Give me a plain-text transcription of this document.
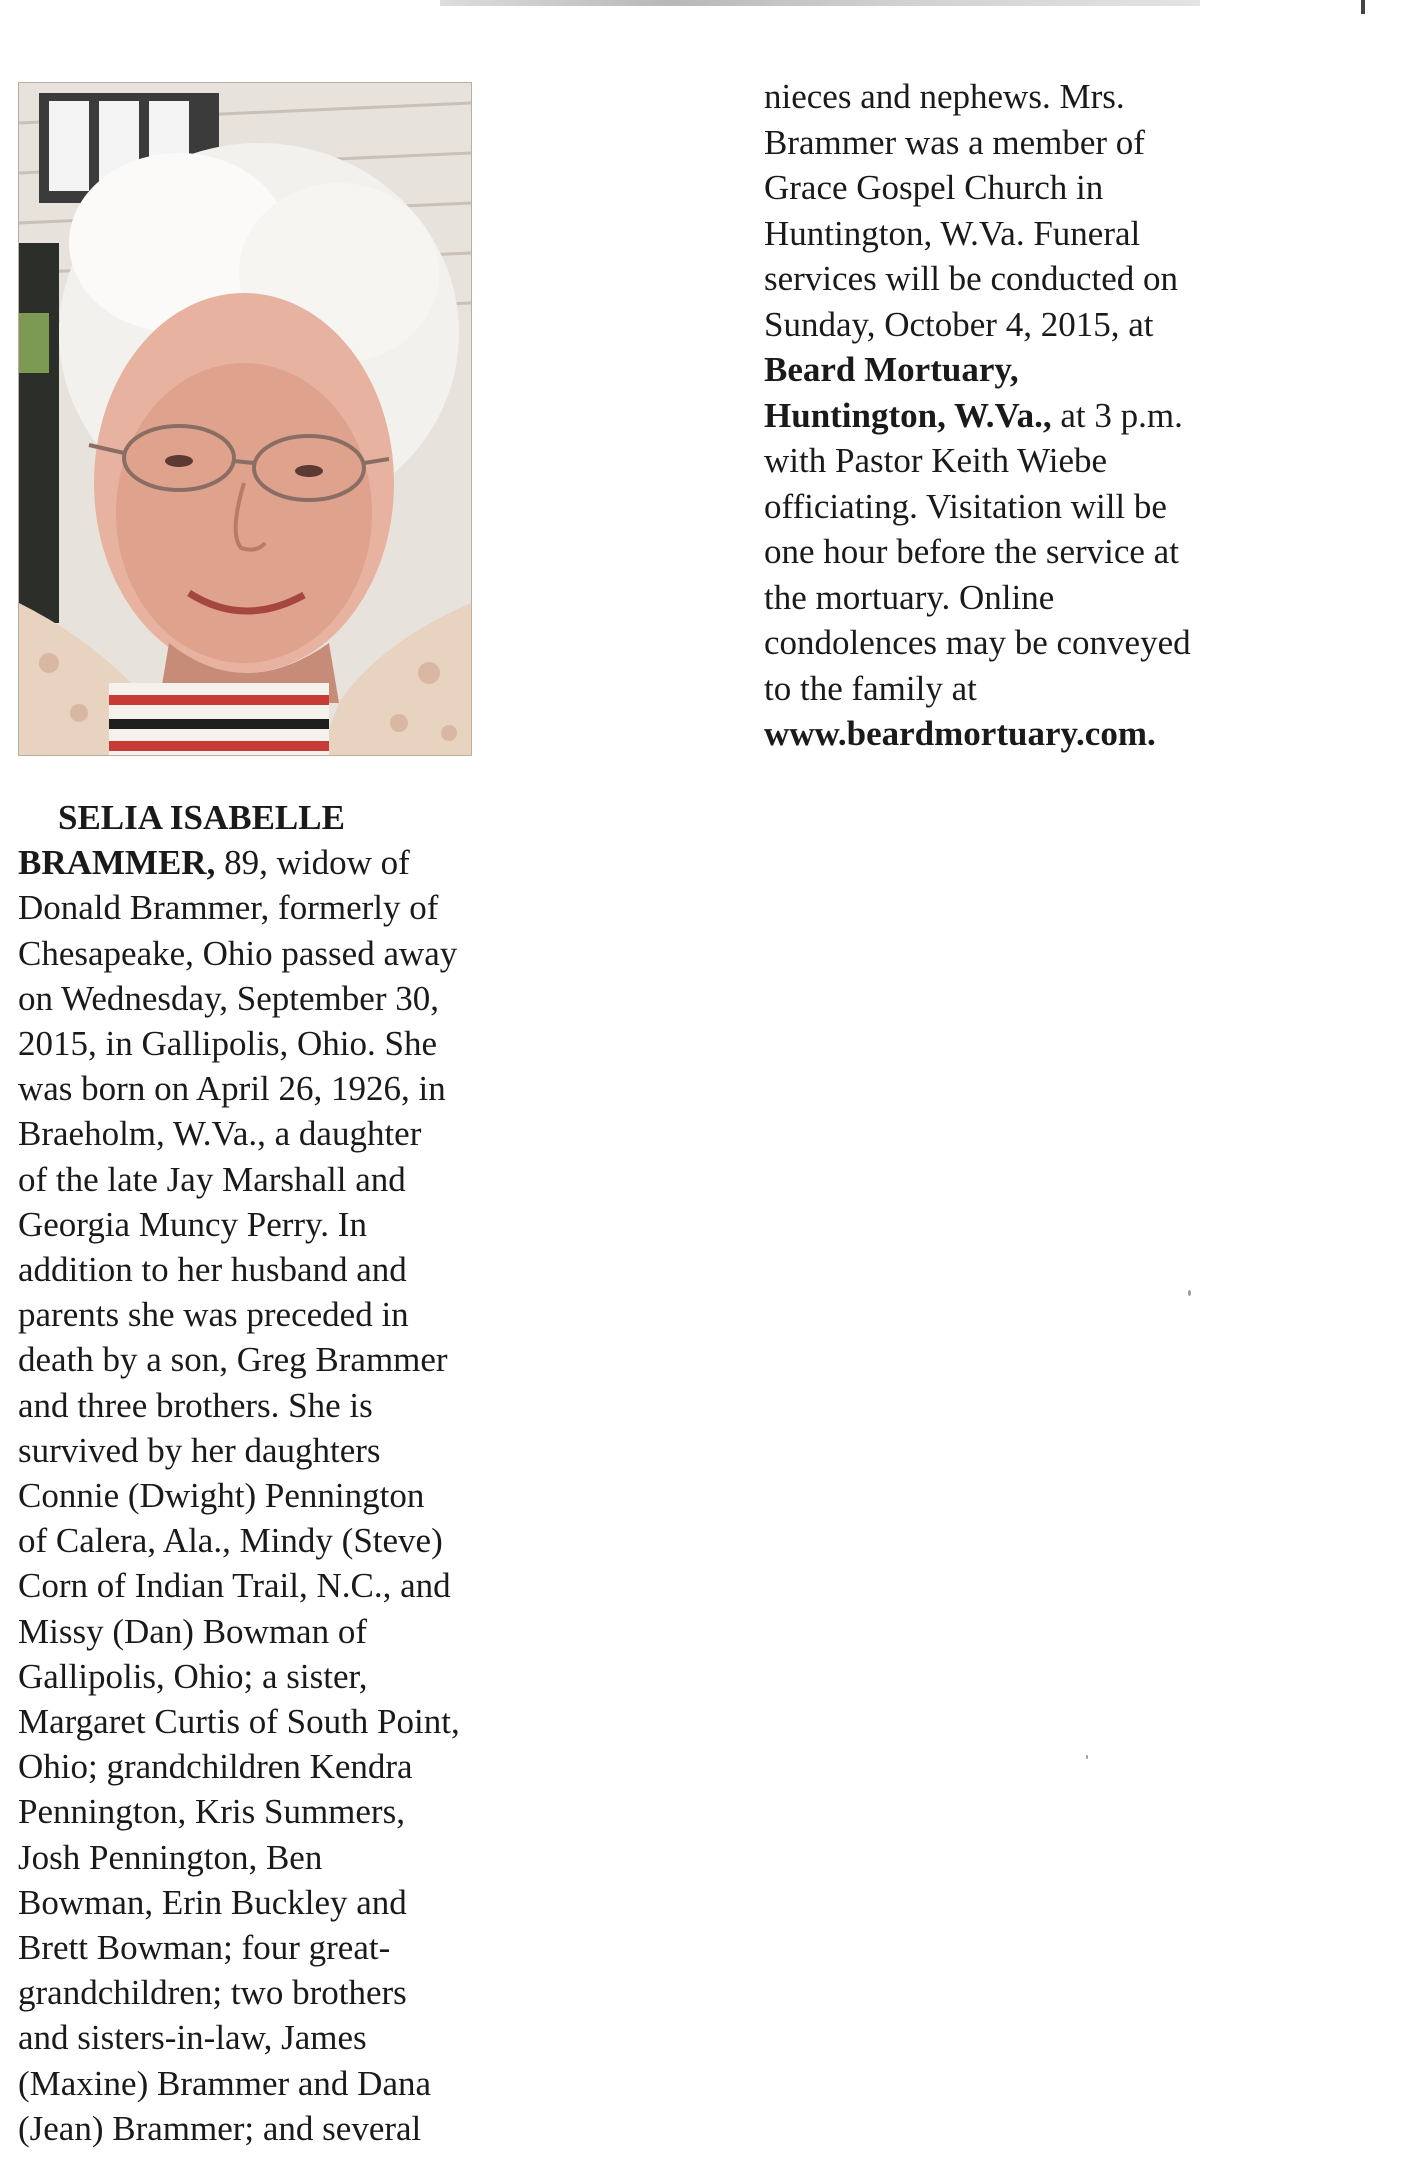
SELIA ISABELLE
BRAMMER, 89, widow of
Donald Brammer, formerly of
Chesapeake, Ohio passed away
on Wednesday, September 30,
2015, in Gallipolis, Ohio. She
was born on April 26, 1926, in
Braeholm, W.Va., a daughter
of the late Jay Marshall and
Georgia Muncy Perry. In
addition to her husband and
parents she was preceded in
death by a son, Greg Brammer
and three brothers. She is
survived by her daughters
Connie (Dwight) Pennington
of Calera, Ala., Mindy (Steve)
Corn of Indian Trail, N.C., and
Missy (Dan) Bowman of
Gallipolis, Ohio; a sister,
Margaret Curtis of South Point,
Ohio; grandchildren Kendra
Pennington, Kris Summers,
Josh Pennington, Ben
Bowman, Erin Buckley and
Brett Bowman; four great-
grandchildren; two brothers
and sisters-in-law, James
(Maxine) Brammer and Dana
(Jean) Brammer; and several
nieces and nephews. Mrs.
Brammer was a member of
Grace Gospel Church in
Huntington, W.Va. Funeral
services will be conducted on
Sunday, October 4, 2015, at
Beard Mortuary,
Huntington, W.Va., at 3 p.m.
with Pastor Keith Wiebe
officiating. Visitation will be
one hour before the service at
the mortuary. Online
condolences may be conveyed
to the family at
www.beardmortuary.com.
